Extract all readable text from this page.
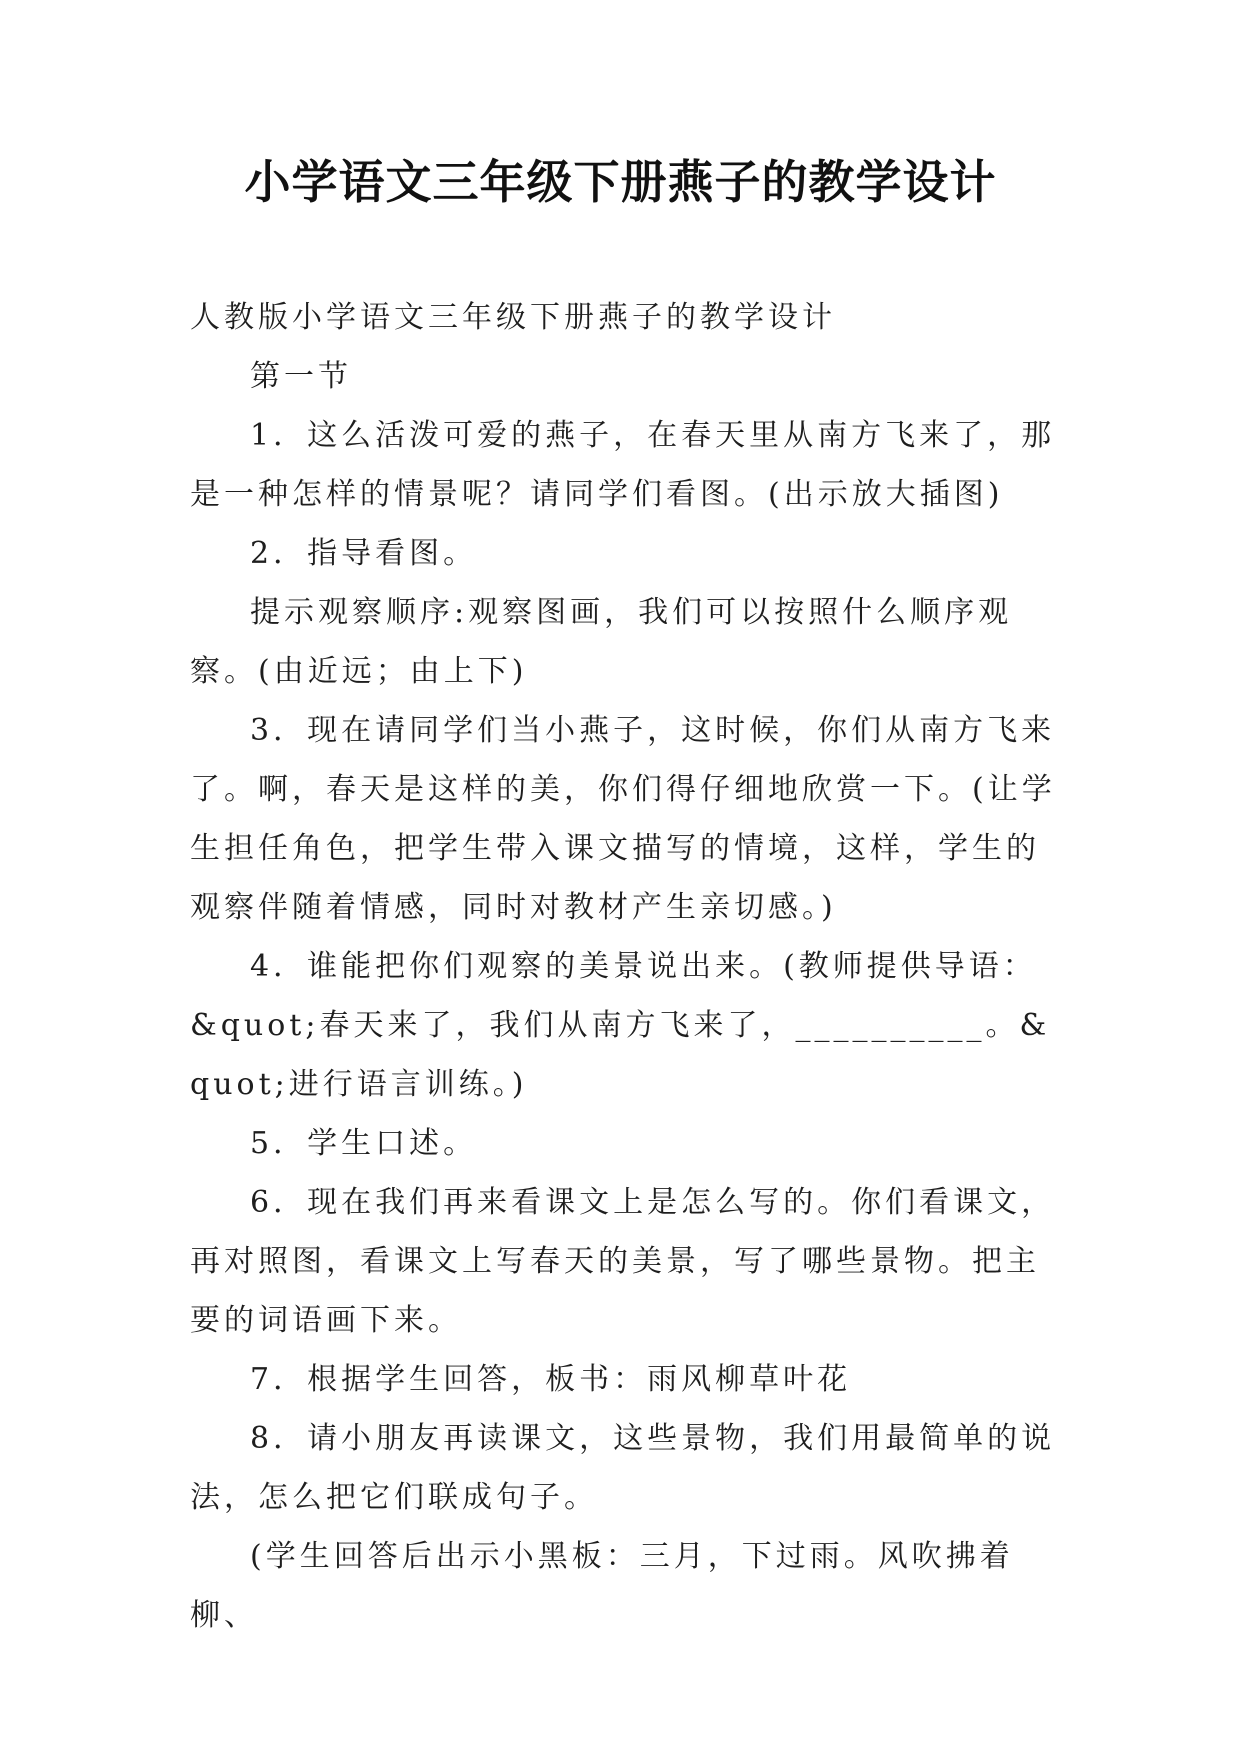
小学语文三年级下册燕子的教学设计

人教版小学语文三年级下册燕子的教学设计

第一节

1．这么活泼可爱的燕子，在春天里从南方飞来了，那是一种怎样的情景呢？请同学们看图。(出示放大插图)

2．指导看图。

提示观察顺序:观察图画，我们可以按照什么顺序观察。(由近远；由上下)

3．现在请同学们当小燕子，这时候，你们从南方飞来了。啊，春天是这样的美，你们得仔细地欣赏一下。(让学生担任角色，把学生带入课文描写的情境，这样，学生的观察伴随着情感，同时对教材产生亲切感。)

4．谁能把你们观察的美景说出来。(教师提供导语：&quot;春天来了，我们从南方飞来了，__________。&quot;进行语言训练。)

5．学生口述。

6．现在我们再来看课文上是怎么写的。你们看课文，再对照图，看课文上写春天的美景，写了哪些景物。把主要的词语画下来。

7．根据学生回答，板书：雨风柳草叶花

8．请小朋友再读课文，这些景物，我们用最简单的说法，怎么把它们联成句子。

(学生回答后出示小黑板：三月，下过雨。风吹拂着柳、
